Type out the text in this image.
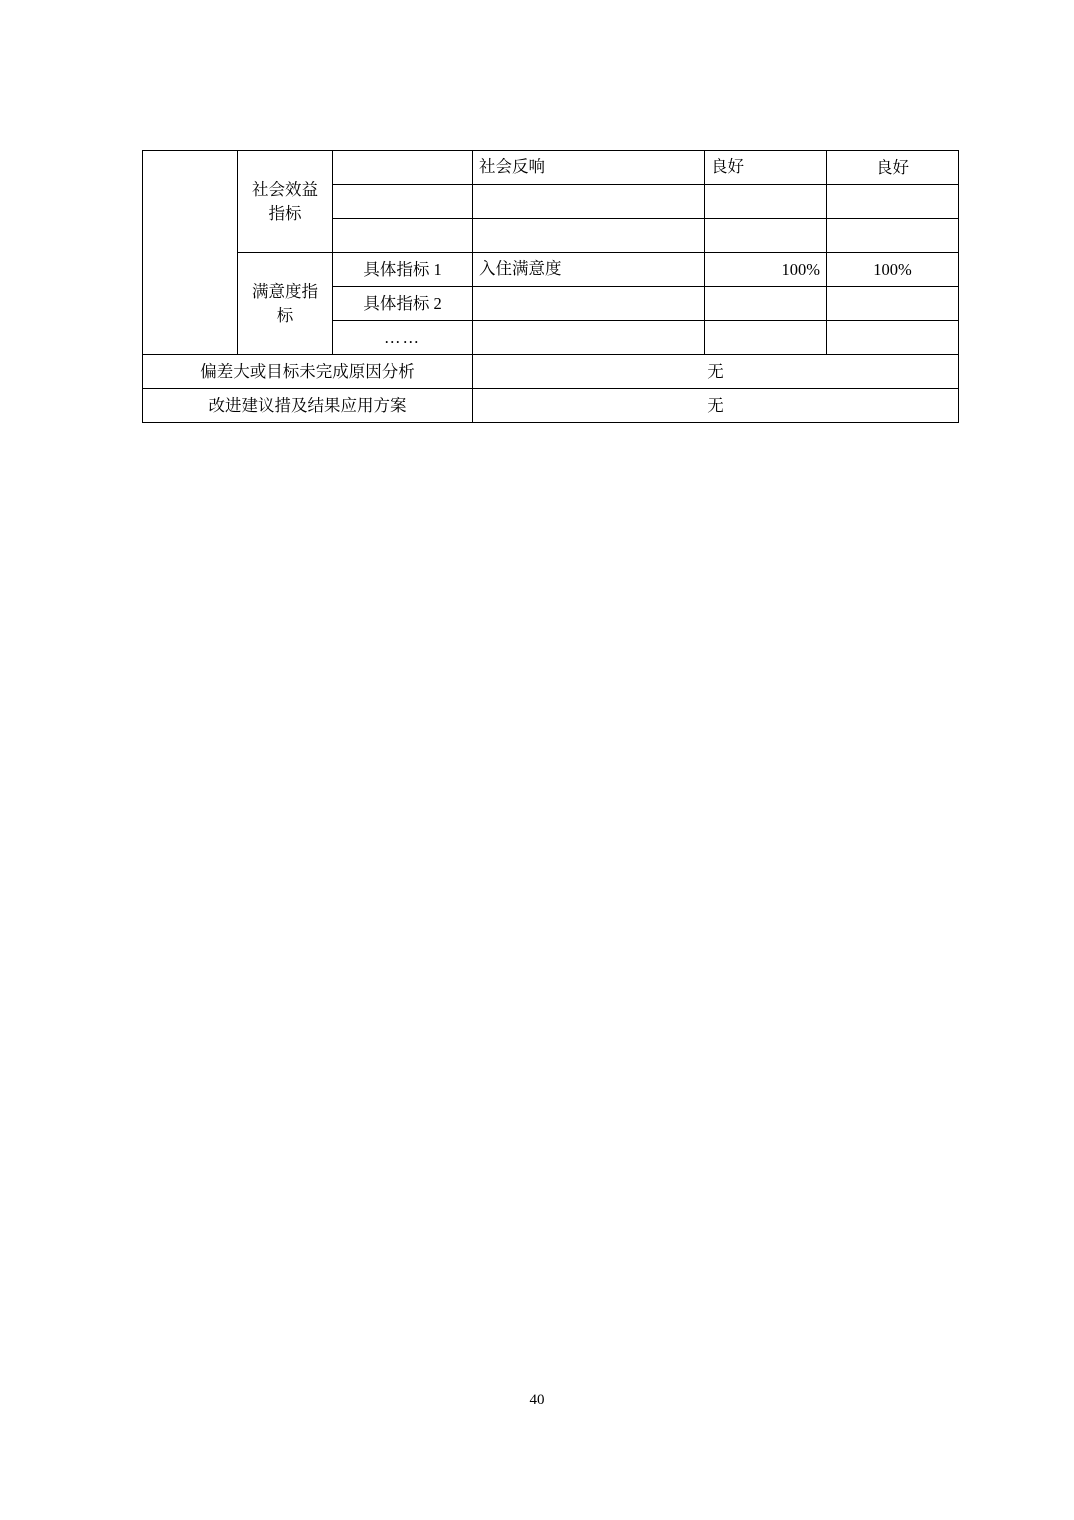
	社会效益指标		社会反响	良好	良好

	满意度指标	具体指标 1	入住满意度	100%	100%
		具体指标 2			
		……			
偏差大或目标未完成原因分析			无		
改进建议措及结果应用方案			无		
40
